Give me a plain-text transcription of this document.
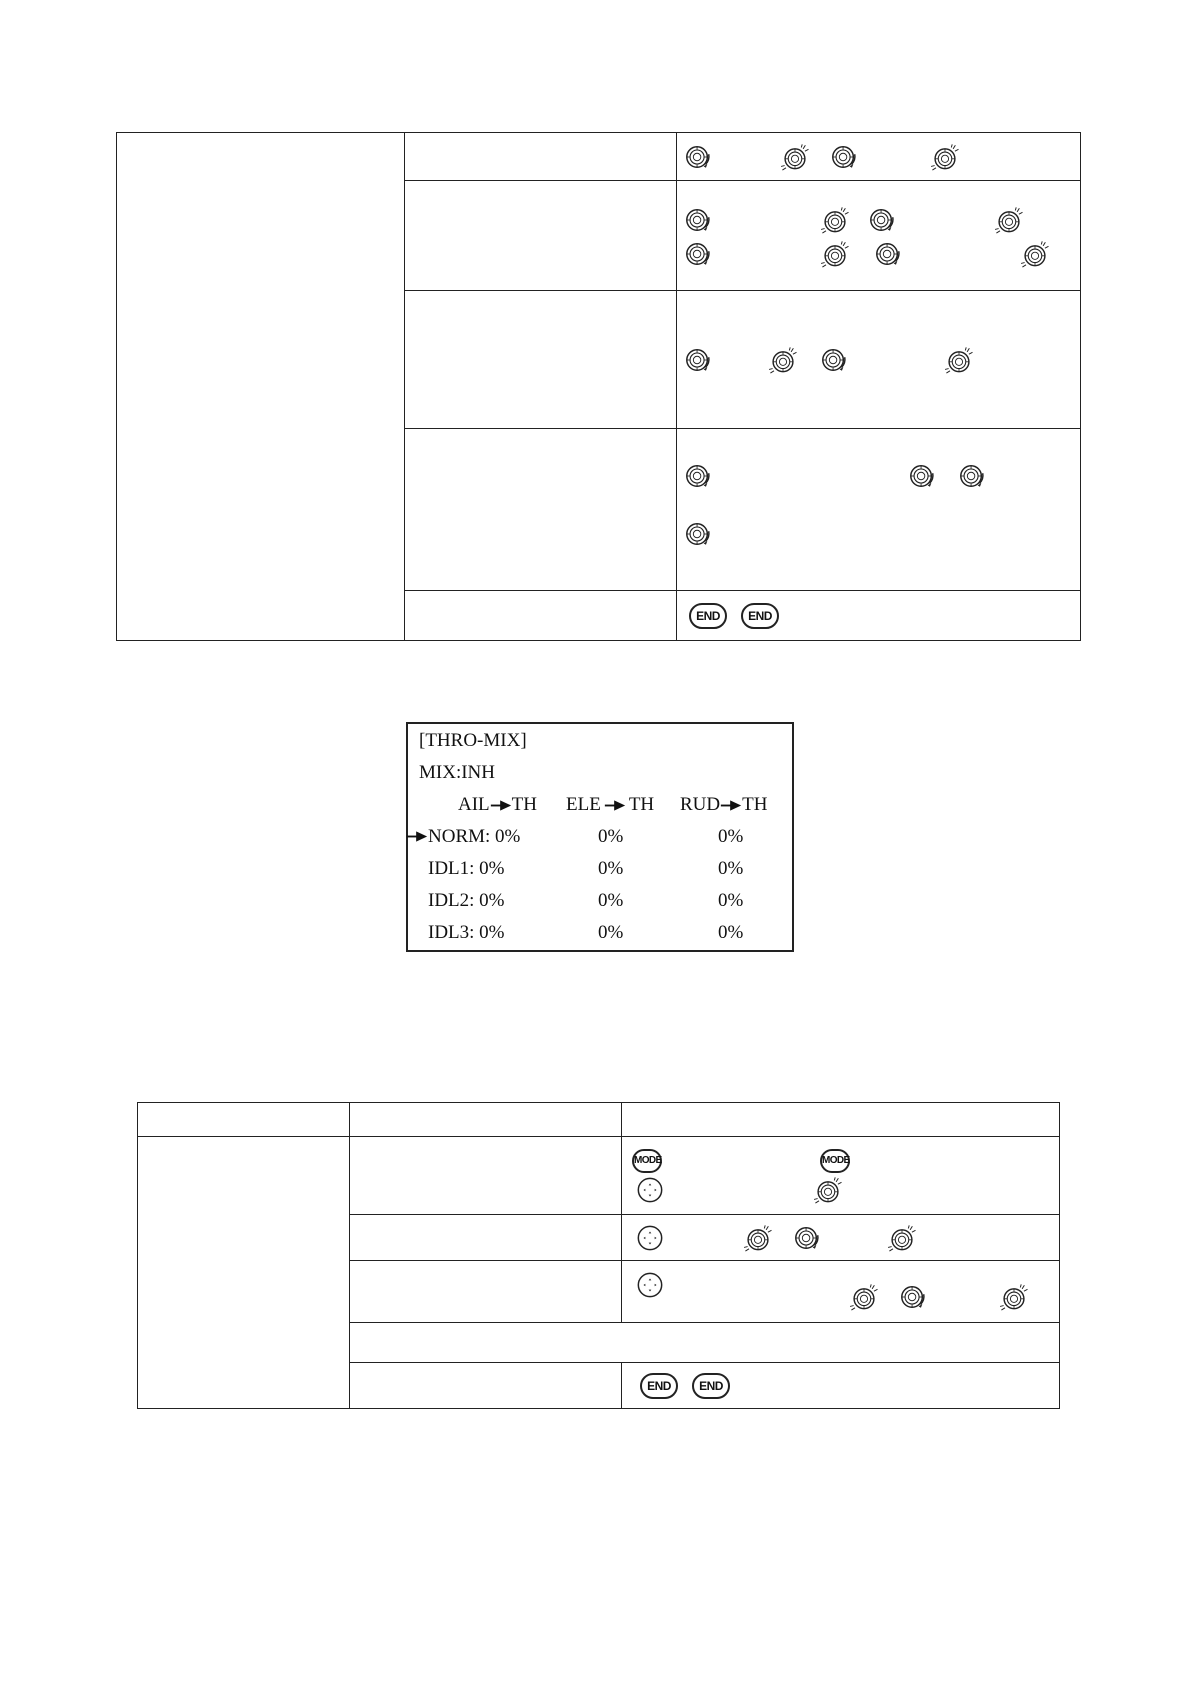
		END END
[THRO-MIX]
MIX:INH
AIL TH ELE TH RUD TH
NORM: 0%	0%	0%
IDL1: 0%	0%	0%
IDL2: 0%	0%	0%
IDL3: 0%	0%	0%

		MODE MODE

		END END
